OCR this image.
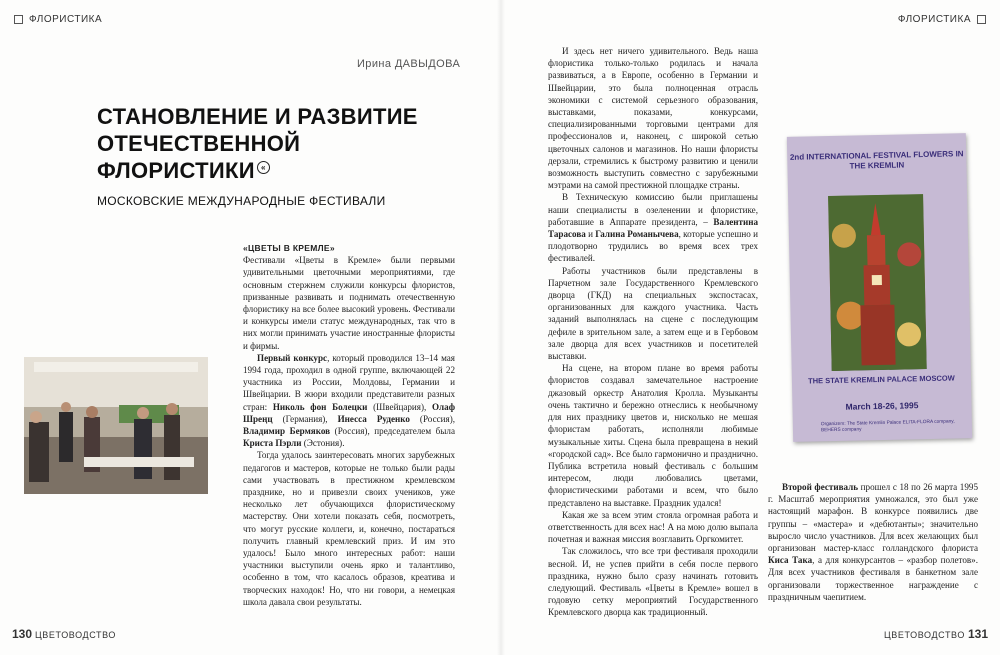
ФЛОРИСТИКА	ФЛОРИСТИКА
Ирина ДАВЫДОВА
СТАНОВЛЕНИЕ И РАЗВИТИЕ
ОТЕЧЕСТВЕННОЙ
ФЛОРИСТИКИ «
МОСКОВСКИЕ МЕЖДУНАРОДНЫЕ ФЕСТИВАЛИ

«ЦВЕТЫ В КРЕМЛЕ»

Фестивали «Цветы в Кремле» были первыми удивительными цветочными мероприятиями, где основным стержнем служили конкурсы флористов, призванные развивать и поднимать отечественную флористику на все более высокий уровень. Фестивали и конкурсы имели статус международных, так что в них могли принимать участие иностранные флористы и фирмы.

Первый конкурс, который проводился 13–14 мая 1994 года, проходил в одной группе, включающей 22 участника из России, Молдовы, Германии и Швейцарии. В жюри входили представители разных стран: Николь фон Болецки (Швейцария), Олаф Шреңц (Германия), Инесса Руденко (Россия), Владимир Бермяков (Россия), председателем была Криста Пэрли (Эстония).

Тогда удалось заинтересовать многих зарубежных педагогов и мастеров, которые не только были рады сами участвовать в престижном кремлевском празднике, но и привезли своих учеников, уже несколько лет обучающихся флористическому мастерству. Они хотели показать себя, посмотреть, что могут русские коллеги, и, конечно, постараться получить главный кремлевский приз. И им это удалось! Было много интересных работ: наши участники выступили очень ярко и талантливо, особенно в том, что касалось образов, креатива и творческих находок! Но, что ни говори, а немецкая школа давала свои результаты.

И здесь нет ничего удивительного. Ведь наша флористика только-только родилась и начала развиваться, а в Европе, особенно в Германии и Швейцарии, это была полноценная отрасль экономики с системой серьезного образования, выставками, показами, конкурсами, специализированными торговыми центрами для профессионалов и, наконец, с широкой сетью цветочных салонов и магазинов. Но наши флористы дерзали, стремились к быстрому развитию и ценили возможность выступить совместно с зарубежными мэтрами на самой престижной площадке страны.

В Техническую комиссию были приглашены наши специалисты в озеленении и флористике, работавшие в Аппарате президента, – Валентина Тарасова и Галина Романычева, которые успешно и плодотворно трудились во время всех трех фестивалей.

Работы участников были представлены в Парчетном зале Государственного Кремлевского дворца (ГКД) на специальных экспостасах, организованных для каждого участника. Часть заданий выполнялась на сцене с последующим дефиле в зрительном зале, а затем еще и в Гербовом зале дворца для всех участников и посетителей выставки.

На сцене, на втором плане во время работы флористов создавал замечательное настроение джазовый оркестр Анатолия Кролла. Музыканты очень тактично и бережно отнеслись к необычному для них празднику цветов и, нисколько не мешая флористам работать, исполняли любимые музыкальные хиты. Сцена была превращена в некий «городской сад». Все было гармонично и празднично. Публика встретила новый фестиваль с большим интересом, люди любовались цветами, флористическими работами и всем, что было представлено на выставке. Праздник удался!

Какая же за всем этим стояла огромная работа и ответственность для всех нас! А на мою долю выпала почетная и важная миссия возглавить Оргкомитет.

Так сложилось, что все три фестиваля проходили весной. И, не успев прийти в себя после первого праздника, нужно было сразу начинать готовить следующий. Фестиваль «Цветы в Кремле» вошел в годовую сетку мероприятий Государственного Кремлевского дворца как традиционный.

2nd INTERNATIONAL FESTIVAL FLOWERS IN THE KREMLIN
THE STATE KREMLIN PALACE MOSCOW
March 18-26, 1995
Organizers: The State Kremlin Palace ELITA-FLORA company, BEHERS company

Второй фестиваль прошел с 18 по 26 марта 1995 г. Масштаб мероприятия умножался, это был уже настоящий марафон. В конкурсе появились две группы – «мастера» и «дебютанты»; значительно выросло число участников. Для всех желающих был организован мастер-класс голландского флориста Киса Така, а для конкурсантов – «разбор полетов». Для всех участников фестиваля в банкетном зале организовали торжественное награждение с праздничным чаепитием.

130 ЦВЕТОВОДСТВО	ЦВЕТОВОДСТВО 131
